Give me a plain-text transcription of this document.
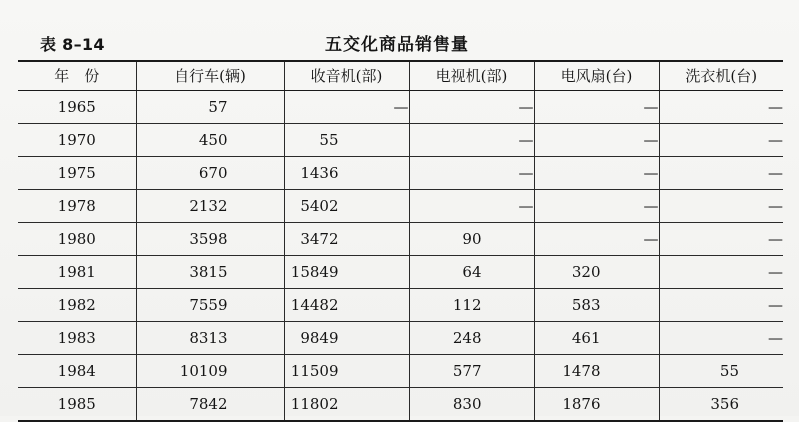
表 8–14	五交化商品销售量
年　份	自行车(辆)	收音机(部)	电视机(部)	电风扇(台)	洗衣机(台)
1965	57	—	—	—	—
1970	450	55	—	—	—
1975	670	1436	—	—	—
1978	2132	5402	—	—	—
1980	3598	3472	90	—	—
1981	3815	15849	64	320	—
1982	7559	14482	112	583	—
1983	8313	9849	248	461	—
1984	10109	11509	577	1478	55
1985	7842	11802	830	1876	356
